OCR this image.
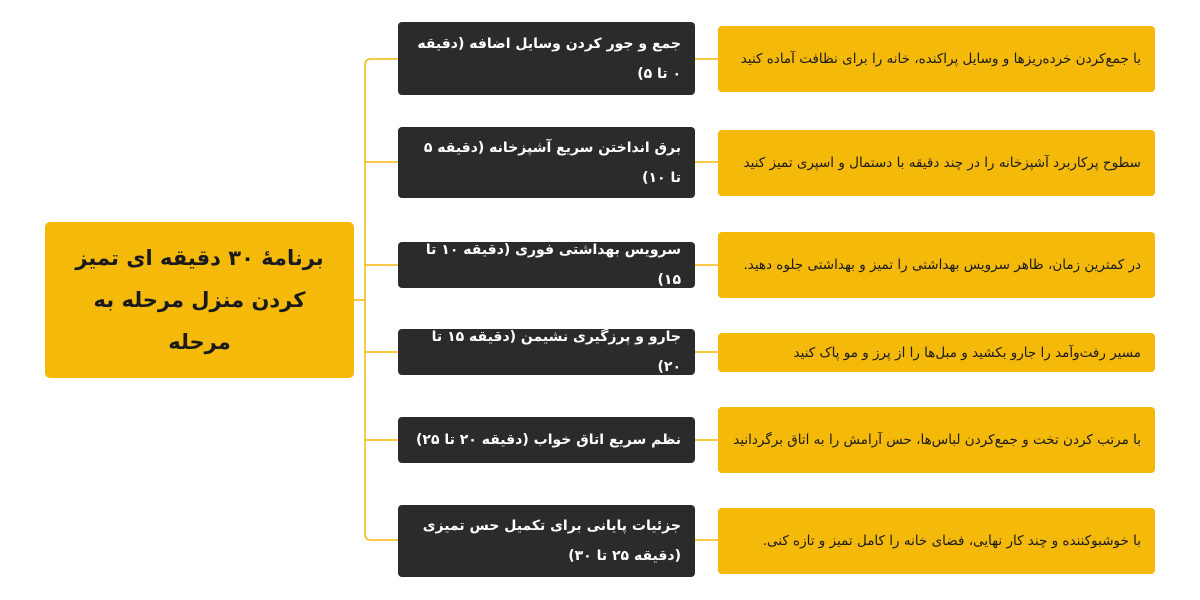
برنامهٔ ۳۰ دقیقه ای تمیز کردن منزل مرحله به مرحله
جمع و جور کردن وسایل اضافه (دقیقه ۰ تا ۵)
با جمع‌کردن خرده‌ریزها و وسایل پراکنده، خانه را برای نظافت آماده کنید
برق انداختن سریع آشپزخانه (دقیقه ۵ تا ۱۰)
سطوح پرکاربرد آشپزخانه را در چند دقیقه با دستمال و اسپری تمیز کنید
سرویس بهداشتی فوری (دقیقه ۱۰ تا ۱۵)
در کمترین زمان، ظاهر سرویس بهداشتی را تمیز و بهداشتی جلوه دهید.
جارو و پرزگیری نشیمن (دقیقه ۱۵ تا ۲۰)
مسیر رفت‌وآمد را جارو بکشید و مبل‌ها را از پرز و مو پاک کنید
نظم سریع اتاق خواب (دقیقه ۲۰ تا ۲۵)	با مرتب کردن تخت و جمع‌کردن لباس‌ها، حس آرامش را به اتاق برگردانید
جزئیات پایانی برای تکمیل حس تمیزی (دقیقه ۲۵ تا ۳۰)
با خوشبوکننده و چند کار نهایی، فضای خانه را کامل تمیز و تازه کنی.
